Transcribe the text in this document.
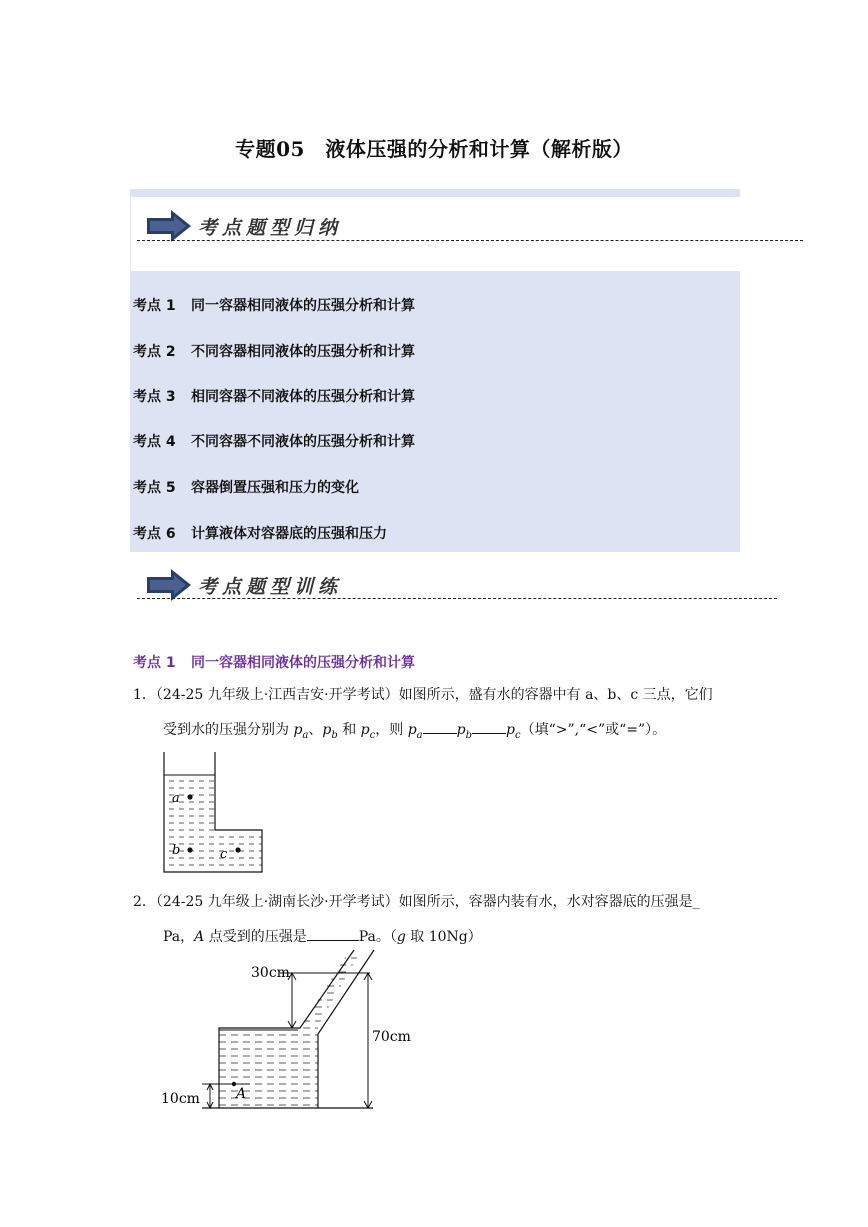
专题05　液体压强的分析和计算（解析版）
考点题型归纳
考点 1 同一容器相同液体的压强分析和计算
考点 2 不同容器相同液体的压强分析和计算
考点 3 相同容器不同液体的压强分析和计算
考点 4 不同容器不同液体的压强分析和计算
考点 5 容器倒置压强和压力的变化
考点 6 计算液体对容器底的压强和压力
考点题型训练
考点 1 同一容器相同液体的压强分析和计算
1．（24-25 九年级上·江西吉安·开学考试）如图所示，盛有水的容器中有 a、b、c 三点，它们
受到水的压强分别为 $p_a$、$p_b$ 和 $p_c$，则 $p_a$ $p_b$ $p_c$（填“>”,“<”或“=”）。
a
b	c
2．（24-25 九年级上·湖南长沙·开学考试）如图所示，容器内装有水，水对容器底的压强是_
Pa，A 点受到的压强是	Pa。（g 取 10Ng）
30cm
70cm
10cm	A
